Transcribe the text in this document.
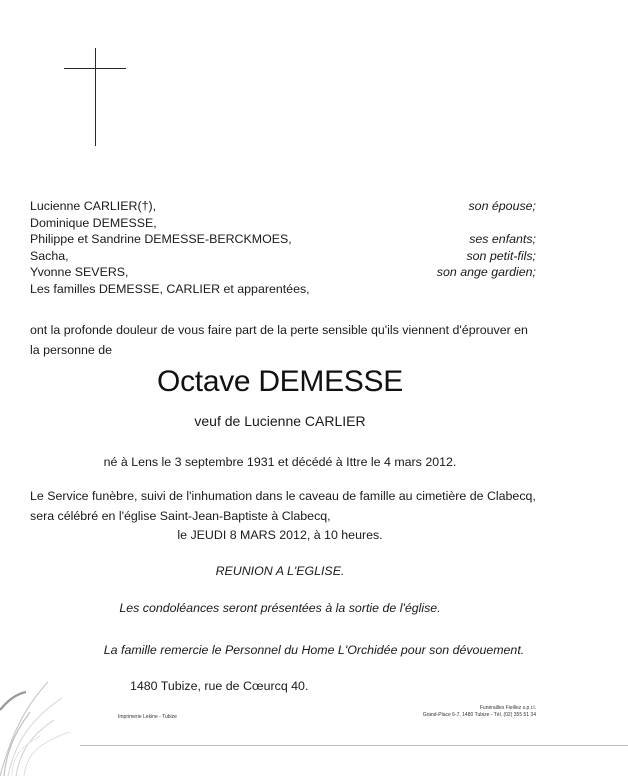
Lucienne CARLIER(†),	son épouse;
Dominique DEMESSE,
Philippe et Sandrine DEMESSE-BERCKMOES,	ses enfants;
Sacha,	son petit-fils;
Yvonne SEVERS,	son ange gardien;
Les familles DEMESSE, CARLIER et apparentées,
ont la profonde douleur de vous faire part de la perte sensible qu'ils viennent d'éprouver en
la personne de
Octave DEMESSE
veuf de Lucienne CARLIER
né à Lens le 3 septembre 1931 et décédé à Ittre le 4 mars 2012.
Le Service funèbre, suivi de l'inhumation dans le caveau de famille au cimetière de Clabecq,
sera célébré en l'église Saint-Jean-Baptiste à Clabecq,
le JEUDI 8 MARS 2012, à 10 heures.
REUNION A L'EGLISE.
Les condoléances seront présentées à la sortie de l'église.
La famille remercie le Personnel du Home L'Orchidée pour son dévouement.
1480 Tubize, rue de Cœurcq 40.
Imprimerie Lekine - Tubize
Funérailles Fieillez s.p.r.l.
Grand-Place 6-7, 1480 Tubize - Tél. (02) 355 51 34
